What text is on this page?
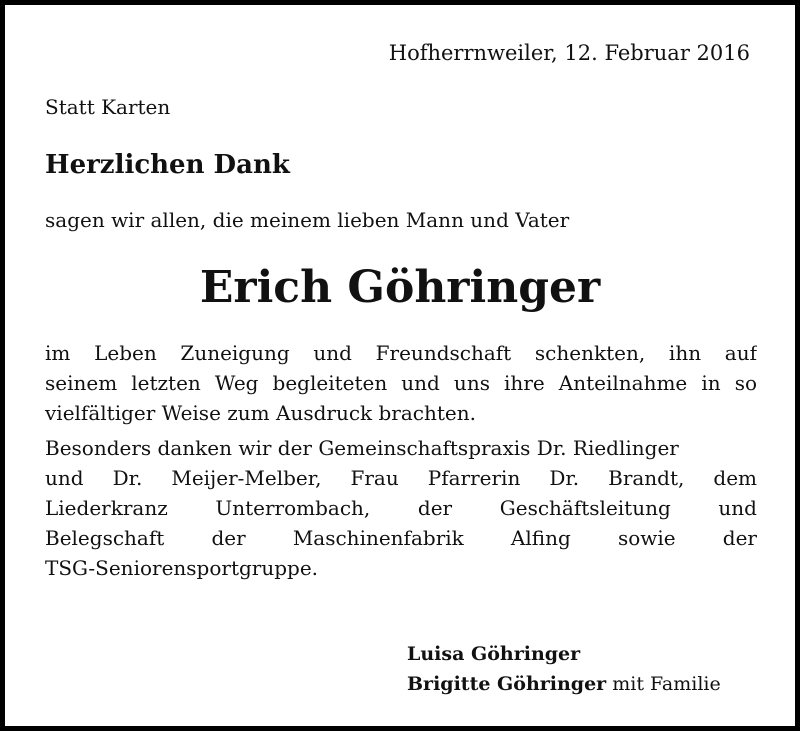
Hofherrnweiler, 12. Februar 2016
Statt Karten
Herzlichen Dank
sagen wir allen, die meinem lieben Mann und Vater
Erich Göhringer
im Leben Zuneigung und Freundschaft schenkten, ihn auf
seinem letzten Weg begleiteten und uns ihre Anteilnahme in so
vielfältiger Weise zum Ausdruck brachten.
Besonders danken wir der Gemeinschaftspraxis Dr. Riedlinger
und Dr. Meijer-Melber, Frau Pfarrerin Dr. Brandt, dem
Liederkranz Unterrombach, der Geschäftsleitung und
Belegschaft der Maschinenfabrik Alfing sowie der
TSG-Seniorensportgruppe.
Luisa Göhringer
Brigitte Göhringer mit Familie
